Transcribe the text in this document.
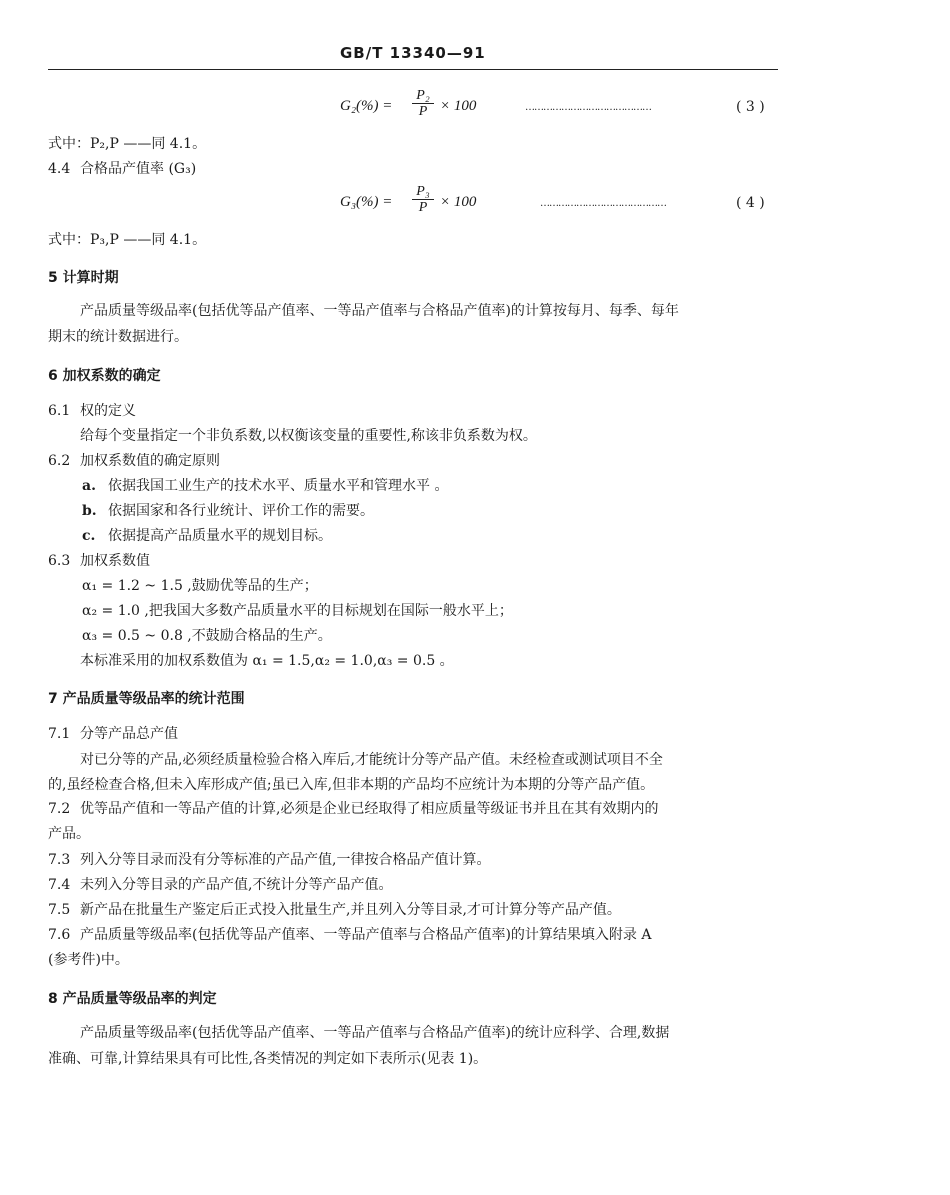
GB/T 13340—91
$G_2(\%) = \frac{\text{P₂}}{P} \times 100$	……………………………………	( 3 )
式中：P₂,P ——同 4.1。
4.4 合格品产值率 (G₃)
$G_3(\%) = \frac{\text{P₃}}{P} \times 100$	……………………………………	( 4 )
式中：P₃,P ——同 4.1。
5 计算时期
产品质量等级品率(包括优等品产值率、一等品产值率与合格品产值率)的计算按每月、每季、每年
期末的统计数据进行。
6 加权系数的确定
6.1 权的定义
给每个变量指定一个非负系数,以权衡该变量的重要性,称该非负系数为权。
6.2 加权系数值的确定原则
a. 依据我国工业生产的技术水平、质量水平和管理水平 。
b. 依据国家和各行业统计、评价工作的需要。
c. 依据提高产品质量水平的规划目标。
6.3 加权系数值
α₁ = 1.2 ~ 1.5 ,鼓励优等品的生产；
α₂ = 1.0 ,把我国大多数产品质量水平的目标规划在国际一般水平上；
α₃ = 0.5 ~ 0.8 ,不鼓励合格品的生产。
本标准采用的加权系数值为 α₁ = 1.5,α₂ = 1.0,α₃ = 0.5 。
7 产品质量等级品率的统计范围
7.1 分等产品总产值
对已分等的产品,必须经质量检验合格入库后,才能统计分等产品产值。未经检查或测试项目不全
的,虽经检查合格,但未入库形成产值;虽已入库,但非本期的产品均不应统计为本期的分等产品产值。
7.2 优等品产值和一等品产值的计算,必须是企业已经取得了相应质量等级证书并且在其有效期内的
产品。
7.3 列入分等目录而没有分等标准的产品产值,一律按合格品产值计算。
7.4 未列入分等目录的产品产值,不统计分等产品产值。
7.5 新产品在批量生产鉴定后正式投入批量生产,并且列入分等目录,才可计算分等产品产值。
7.6 产品质量等级品率(包括优等品产值率、一等品产值率与合格品产值率)的计算结果填入附录 A
(参考件)中。
8 产品质量等级品率的判定
产品质量等级品率(包括优等品产值率、一等品产值率与合格品产值率)的统计应科学、合理,数据
准确、可靠,计算结果具有可比性,各类情况的判定如下表所示(见表 1)。
